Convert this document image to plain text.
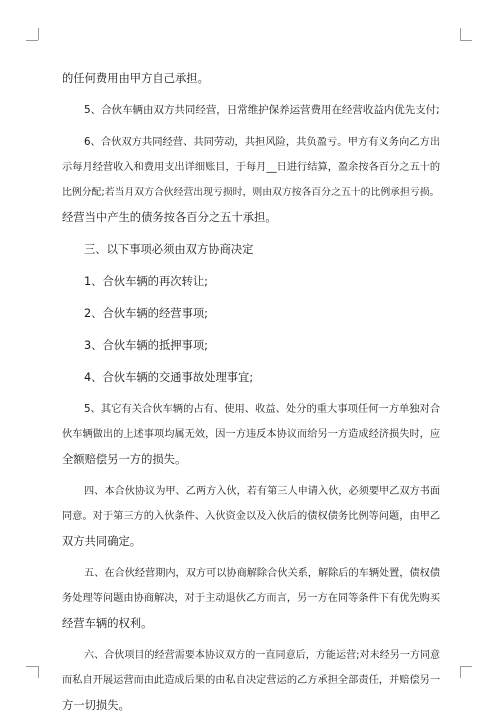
的任何费用由甲方自己承担。

5、合伙车辆由双方共同经营，日常维护保养运营费用在经营收益内优先支付;

6、合伙双方共同经营、共同劳动，共担风险，共负盈亏。甲方有义务向乙方出
示每月经营收入和费用支出详细账目，于每月__日进行结算，盈余按各百分之五十的
比例分配;若当月双方合伙经营出现亏损时，则由双方按各百分之五十的比例承担亏损。
经营当中产生的债务按各百分之五十承担。

三、以下事项必须由双方协商决定

1、合伙车辆的再次转让;

2、合伙车辆的经营事项;

3、合伙车辆的抵押事项;

4、合伙车辆的交通事故处理事宜;

5、其它有关合伙车辆的占有、使用、收益、处分的重大事项任何一方单独对合
伙车辆做出的上述事项均属无效，因一方违反本协议而给另一方造成经济损失时，应
全额赔偿另一方的损失。

四、本合伙协议为甲、乙两方入伙，若有第三人申请入伙，必须要甲乙双方书面
同意。对于第三方的入伙条件、入伙资金以及入伙后的债权债务比例等问题，由甲乙
双方共同确定。

五、在合伙经营期内，双方可以协商解除合伙关系，解除后的车辆处置，债权债
务处理等问题由协商解决，对于主动退伙乙方而言，另一方在同等条件下有优先购买
经营车辆的权利。

六、合伙项目的经营需要本协议双方的一直同意后，方能运营;对未经另一方同意
而私自开展运营而由此造成后果的由私自决定营运的乙方承担全部责任，并赔偿另一
方一切损失。
